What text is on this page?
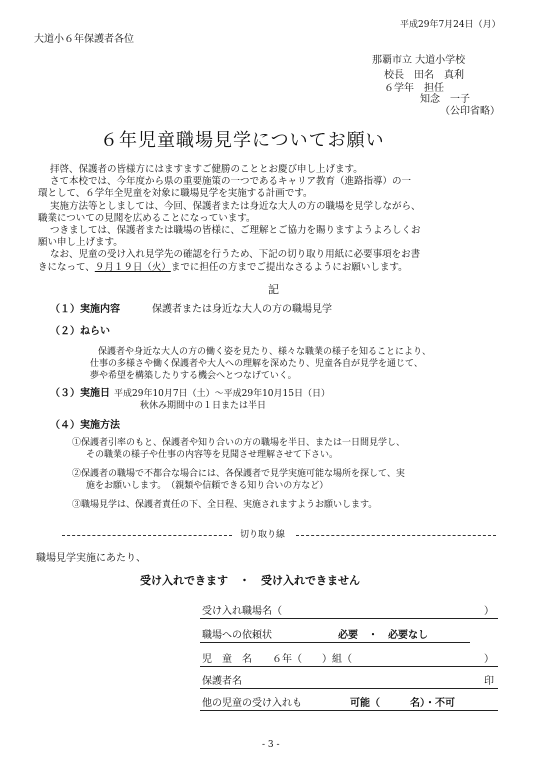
平成29年7月24日（月）
大道小６年保護者各位
那覇市立 大道小学校
校長　田名　真利
６学年　担任
知念　一子
（公印省略）
６年児童職場見学についてお願い
拝啓、保護者の皆様方にはますますご健勝のこととお慶び申し上げます。
さて本校では、今年度から県の重要施策の一つであるキャリア教育（進路指導）の一
環として、６学年全児童を対象に職場見学を実施する計画です。
実施方法等としましては、今回、保護者または身近な大人の方の職場を見学しながら、
職業についての見聞を広めることになっています。
つきましては、保護者または職場の皆様に、ご理解とご協力を賜りますようよろしくお
願い申し上げます。
なお、児童の受け入れ見学先の確認を行うため、下記の切り取り用紙に必要事項をお書
きになって、９月１９日（火）までに担任の方までご提出なさるようにお願いします。
記
（１）実施内容	保護者または身近な大人の方の職場見学
（２）ねらい
保護者や身近な大人の方の働く姿を見たり、様々な職業の様子を知ることにより、
仕事の多様さや働く保護者や大人への理解を深めたり、児童各自が見学を通じて、
夢や希望を構築したりする機会へとつなげていく。
（３）実施日 平成29年10月7日（土）～平成29年10月15日（日）
秋休み期間中の１日または半日
（４）実施方法
①保護者引率のもと、保護者や知り合いの方の職場を半日、または一日間見学し、
その職業の様子や仕事の内容等を見聞させ理解させて下さい。
②保護者の職場で不都合な場合には、各保護者で見学実施可能な場所を探して、実
施をお願いします。　（親類や信頼できる知り合いの方など）
③職場見学は、保護者責任の下、全日程、実施されますようお願いします。
切り取り線
職場見学実施にあたり、
受け入れできます　・　受け入れできません
受け入れ職場名（	）
職場への依頼状	必要　・　必要なし
児　童　名　　６年（　　）組（	）
保護者名	印
他の児童の受け入れも	可能（　　　名）・不可
- 3 -
